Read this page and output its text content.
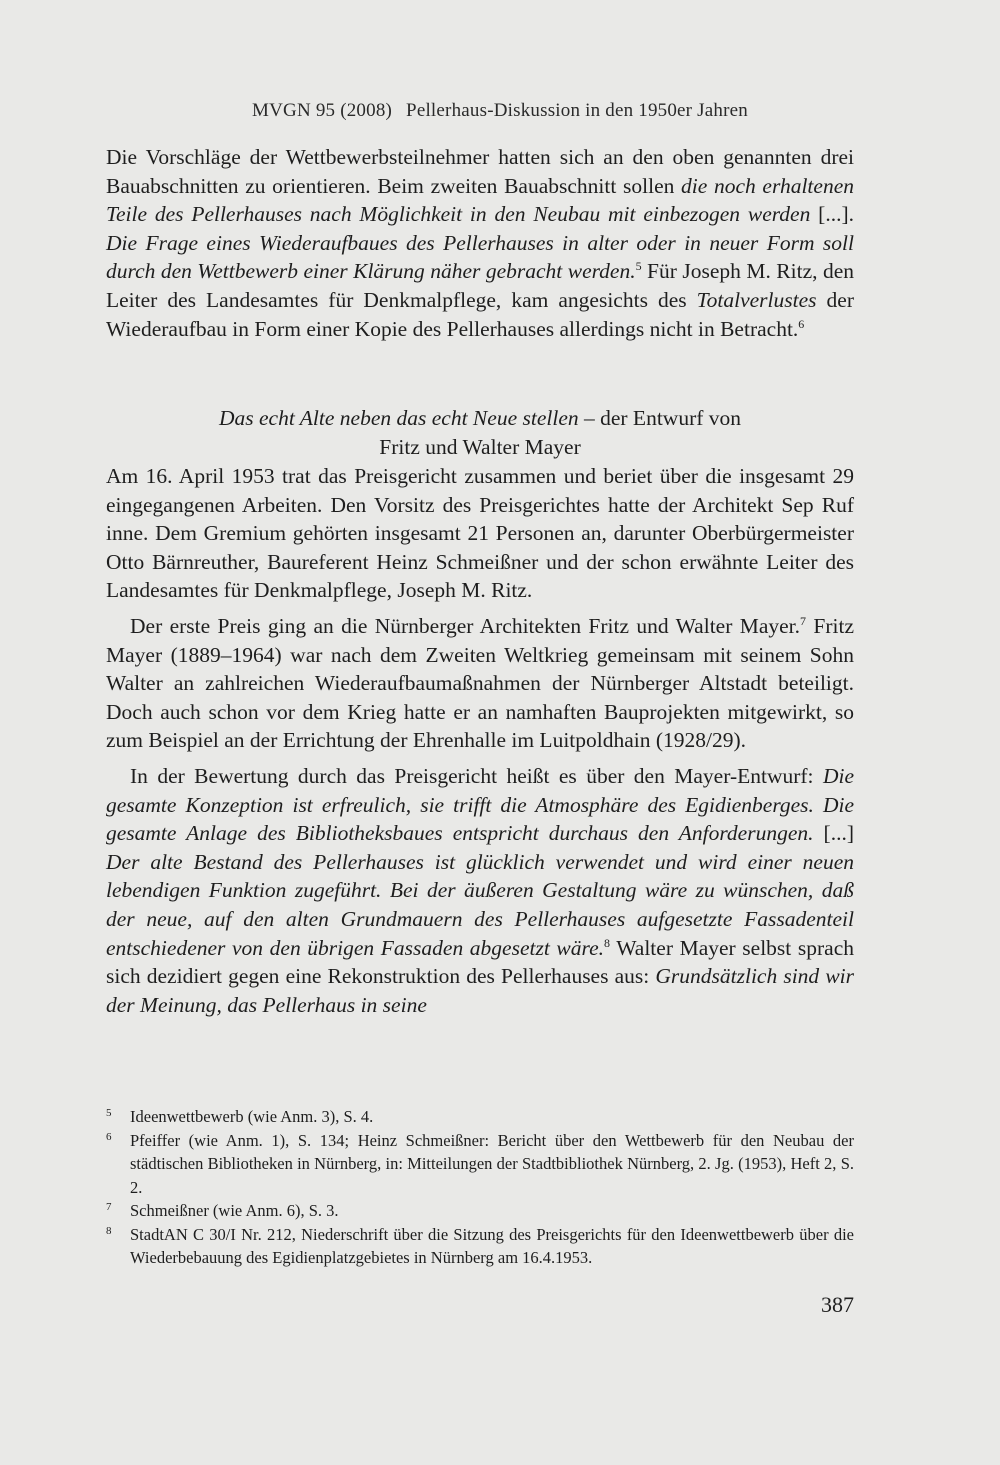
MVGN 95 (2008) Pellerhaus-Diskussion in den 1950er Jahren

Die Vorschläge der Wettbewerbsteilnehmer hatten sich an den oben genannten drei Bauabschnitten zu orientieren. Beim zweiten Bauabschnitt sollen die noch erhaltenen Teile des Pellerhauses nach Möglichkeit in den Neubau mit einbezogen werden [...]. Die Frage eines Wiederaufbaues des Pellerhauses in alter oder in neuer Form soll durch den Wettbewerb einer Klärung näher gebracht werden.$^5$ Für Joseph M. Ritz, den Leiter des Landesamtes für Denkmalpflege, kam angesichts des Totalverlustes der Wiederaufbau in Form einer Kopie des Pellerhauses allerdings nicht in Betracht.$^6$

Das echt Alte neben das echt Neue stellen – der Entwurf von
Fritz und Walter Mayer

Am 16. April 1953 trat das Preisgericht zusammen und beriet über die insgesamt 29 eingegangenen Arbeiten. Den Vorsitz des Preisgerichtes hatte der Architekt Sep Ruf inne. Dem Gremium gehörten insgesamt 21 Personen an, darunter Oberbürgermeister Otto Bärnreuther, Baureferent Heinz Schmeißner und der schon erwähnte Leiter des Landesamtes für Denkmalpflege, Joseph M. Ritz.

Der erste Preis ging an die Nürnberger Architekten Fritz und Walter Mayer.$^7$ Fritz Mayer (1889–1964) war nach dem Zweiten Weltkrieg gemeinsam mit seinem Sohn Walter an zahlreichen Wiederaufbaumaßnahmen der Nürnberger Altstadt beteiligt. Doch auch schon vor dem Krieg hatte er an namhaften Bauprojekten mitgewirkt, so zum Beispiel an der Errichtung der Ehrenhalle im Luitpoldhain (1928/29).

In der Bewertung durch das Preisgericht heißt es über den Mayer-Entwurf: Die gesamte Konzeption ist erfreulich, sie trifft die Atmosphäre des Egidienberges. Die gesamte Anlage des Bibliotheksbaues entspricht durchaus den Anforderungen. [...] Der alte Bestand des Pellerhauses ist glücklich verwendet und wird einer neuen lebendigen Funktion zugeführt. Bei der äußeren Gestaltung wäre zu wünschen, daß der neue, auf den alten Grundmauern des Pellerhauses aufgesetzte Fassadenteil entschiedener von den übrigen Fassaden abgesetzt wäre.$^8$ Walter Mayer selbst sprach sich dezidiert gegen eine Rekonstruktion des Pellerhauses aus: Grundsätzlich sind wir der Meinung, das Pellerhaus in seine

5	Ideenwettbewerb (wie Anm. 3), S. 4.
6	Pfeiffer (wie Anm. 1), S. 134; Heinz Schmeißner: Bericht über den Wettbewerb für den Neubau der städtischen Bibliotheken in Nürnberg, in: Mitteilungen der Stadtbibliothek Nürnberg, 2. Jg. (1953), Heft 2, S. 2.
7	Schmeißner (wie Anm. 6), S. 3.
8	StadtAN C 30/I Nr. 212, Niederschrift über die Sitzung des Preisgerichts für den Ideenwettbewerb über die Wiederbebauung des Egidienplatzgebietes in Nürnberg am 16.4.1953.
387
